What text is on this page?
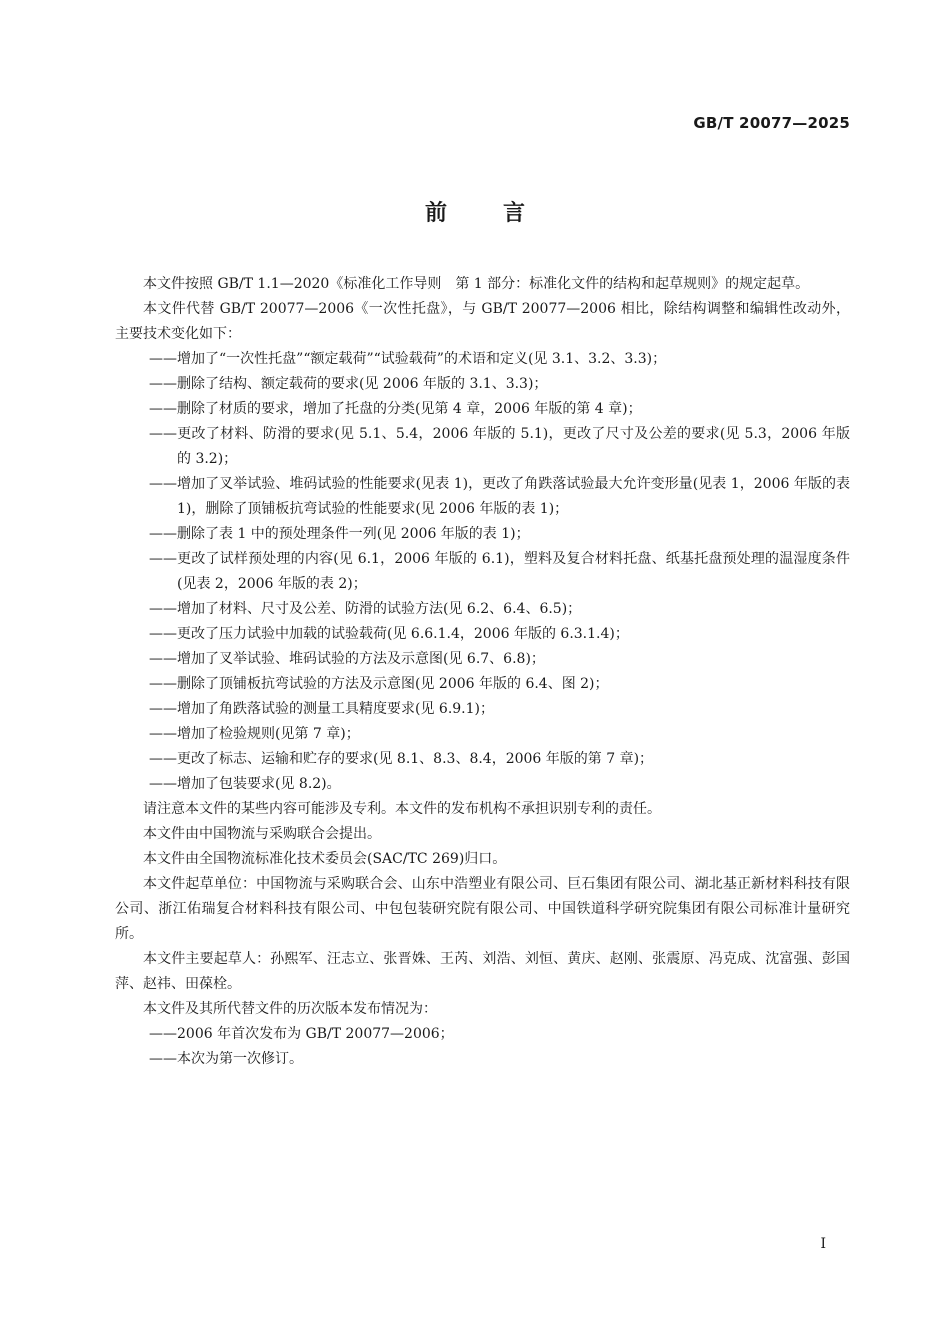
GB/T 20077—2025
前	言

本文件按照 GB/T 1.1—2020《标准化工作导则　第 1 部分：标准化文件的结构和起草规则》的规定起草。

本文件代替 GB/T 20077—2006《一次性托盘》，与 GB/T 20077—2006 相比，除结构调整和编辑性改动外，主要技术变化如下：

——增加了“一次性托盘”“额定载荷”“试验载荷”的术语和定义(见 3.1、3.2、3.3)；

——删除了结构、额定载荷的要求(见 2006 年版的 3.1、3.3)；

——删除了材质的要求，增加了托盘的分类(见第 4 章，2006 年版的第 4 章)；

——更改了材料、防滑的要求(见 5.1、5.4，2006 年版的 5.1)，更改了尺寸及公差的要求(见 5.3，2006 年版的 3.2)；

——增加了叉举试验、堆码试验的性能要求(见表 1)，更改了角跌落试验最大允许变形量(见表 1，2006 年版的表 1)，删除了顶铺板抗弯试验的性能要求(见 2006 年版的表 1)；

——删除了表 1 中的预处理条件一列(见 2006 年版的表 1)；

——更改了试样预处理的内容(见 6.1，2006 年版的 6.1)，塑料及复合材料托盘、纸基托盘预处理的温湿度条件(见表 2，2006 年版的表 2)；

——增加了材料、尺寸及公差、防滑的试验方法(见 6.2、6.4、6.5)；

——更改了压力试验中加载的试验载荷(见 6.6.1.4，2006 年版的 6.3.1.4)；

——增加了叉举试验、堆码试验的方法及示意图(见 6.7、6.8)；

——删除了顶铺板抗弯试验的方法及示意图(见 2006 年版的 6.4、图 2)；

——增加了角跌落试验的测量工具精度要求(见 6.9.1)；

——增加了检验规则(见第 7 章)；

——更改了标志、运输和贮存的要求(见 8.1、8.3、8.4，2006 年版的第 7 章)；

——增加了包装要求(见 8.2)。

请注意本文件的某些内容可能涉及专利。本文件的发布机构不承担识别专利的责任。

本文件由中国物流与采购联合会提出。

本文件由全国物流标准化技术委员会(SAC/TC 269)归口。

本文件起草单位：中国物流与采购联合会、山东中浩塑业有限公司、巨石集团有限公司、湖北基正新材料科技有限公司、浙江佑瑞复合材料科技有限公司、中包包装研究院有限公司、中国铁道科学研究院集团有限公司标准计量研究所。

本文件主要起草人：孙熙军、汪志立、张晋姝、王芮、刘浩、刘恒、黄庆、赵刚、张震原、冯克成、沈富强、彭国萍、赵祎、田葆栓。

本文件及其所代替文件的历次版本发布情况为：

——2006 年首次发布为 GB/T 20077—2006；

——本次为第一次修订。

I
